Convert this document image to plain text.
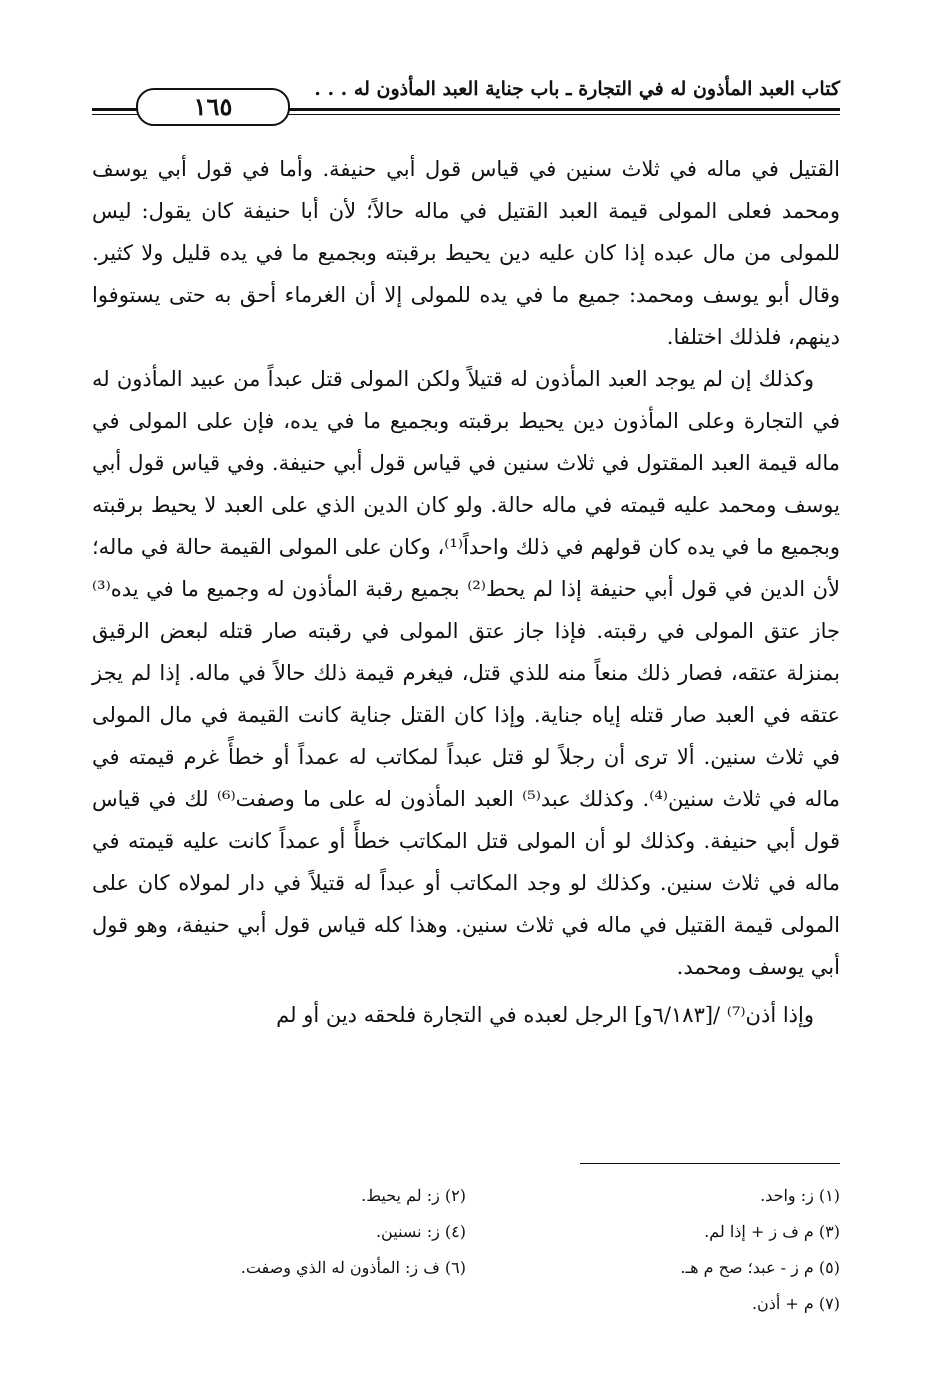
كتاب العبد المأذون له في التجارة ـ باب جناية العبد المأذون له . . .
١٦٥

القتيل في ماله في ثلاث سنين في قياس قول أبي حنيفة. وأما في قول أبي يوسف ومحمد فعلى المولى قيمة العبد القتيل في ماله حالاً؛ لأن أبا حنيفة كان يقول: ليس للمولى من مال عبده إذا كان عليه دين يحيط برقبته وبجميع ما في يده قليل ولا كثير. وقال أبو يوسف ومحمد: جميع ما في يده للمولى إلا أن الغرماء أحق به حتى يستوفوا دينهم، فلذلك اختلفا.

وكذلك إن لم يوجد العبد المأذون له قتيلاً ولكن المولى قتل عبداً من عبيد المأذون له في التجارة وعلى المأذون دين يحيط برقبته وبجميع ما في يده، فإن على المولى في ماله قيمة العبد المقتول في ثلاث سنين في قياس قول أبي حنيفة. وفي قياس قول أبي يوسف ومحمد عليه قيمته في ماله حالة. ولو كان الدين الذي على العبد لا يحيط برقبته وبجميع ما في يده كان قولهم في ذلك واحداً⁽¹⁾، وكان على المولى القيمة حالة في ماله؛ لأن الدين في قول أبي حنيفة إذا لم يحط⁽²⁾ بجميع رقبة المأذون له وجميع ما في يده⁽³⁾ جاز عتق المولى في رقبته. فإذا جاز عتق المولى في رقبته صار قتله لبعض الرقيق بمنزلة عتقه، فصار ذلك منعاً منه للذي قتل، فيغرم قيمة ذلك حالاً في ماله. إذا لم يجز عتقه في العبد صار قتله إياه جناية. وإذا كان القتل جناية كانت القيمة في مال المولى في ثلاث سنين. ألا ترى أن رجلاً لو قتل عبداً لمكاتب له عمداً أو خطأً غرم قيمته في ماله في ثلاث سنين⁽⁴⁾. وكذلك عبد⁽⁵⁾ العبد المأذون له على ما وصفت⁽⁶⁾ لك في قياس قول أبي حنيفة. وكذلك لو أن المولى قتل المكاتب خطأً أو عمداً كانت عليه قيمته في ماله في ثلاث سنين. وكذلك لو وجد المكاتب أو عبداً له قتيلاً في دار لمولاه كان على المولى قيمة القتيل في ماله في ثلاث سنين. وهذا كله قياس قول أبي حنيفة، وهو قول أبي يوسف ومحمد.

وإذا أذن⁽⁷⁾ /[٦/١٨٣و] الرجل لعبده في التجارة فلحقه دين أو لم

(١) ز: واحد.
(٢) ز: لم يحيط.
(٣) م ف ز + إذا لم.
(٤) ز: نسنين.
(٥) م ز - عبد؛ صح م هـ.
(٦) ف ز: المأذون له الذي وصفت.
(٧) م + أذن.
